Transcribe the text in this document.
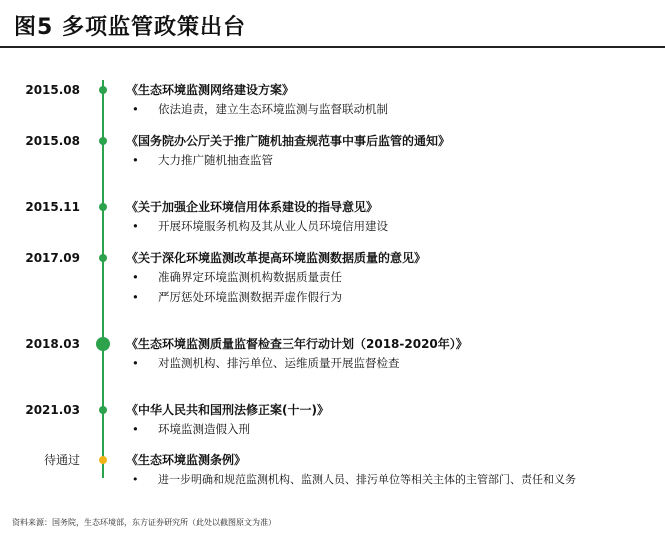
图5 多项监管政策出台
2015.08	《生态环境监测网络建设方案》
• 依法追责，建立生态环境监测与监督联动机制
2015.08	《国务院办公厅关于推广随机抽查规范事中事后监管的通知》
• 大力推广随机抽查监管
2015.11	《关于加强企业环境信用体系建设的指导意见》
• 开展环境服务机构及其从业人员环境信用建设
2017.09	《关于深化环境监测改革提高环境监测数据质量的意见》
• 准确界定环境监测机构数据质量责任
• 严厉惩处环境监测数据弄虚作假行为
2018.03	《生态环境监测质量监督检查三年行动计划（2018-2020年）》
• 对监测机构、排污单位、运维质量开展监督检查
2021.03	《中华人民共和国刑法修正案(十一)》
• 环境监测造假入刑
待通过	《生态环境监测条例》
• 进一步明确和规范监测机构、监测人员、排污单位等相关主体的主管部门、责任和义务
资料来源：国务院，生态环境部，东方证券研究所（此处以截图原文为准）
